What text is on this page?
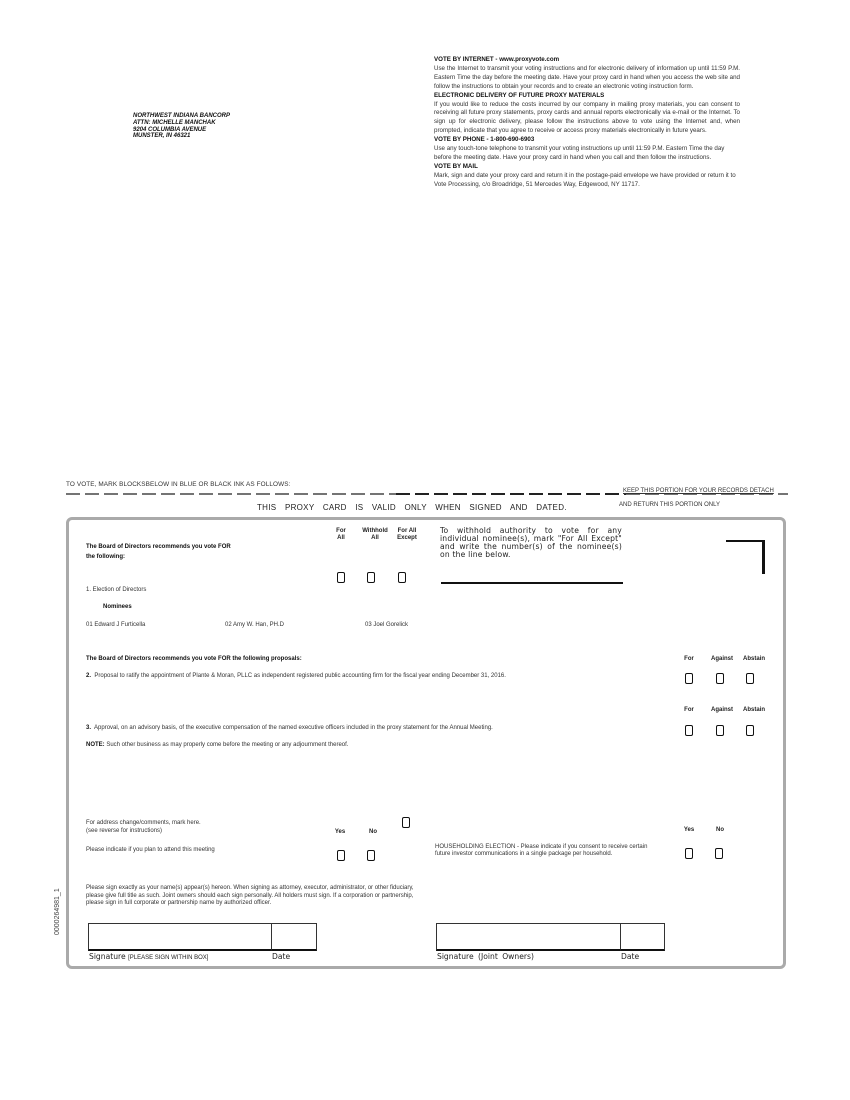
VOTE BY INTERNET - www.proxyvote.com

Use the Internet to transmit your voting instructions and for electronic delivery of information up until 11:59 P.M. Eastern Time the day before the meeting date. Have your proxy card in hand when you access the web site and follow the instructions to obtain your records and to create an electronic voting instruction form.

ELECTRONIC DELIVERY OF FUTURE PROXY MATERIALS

If you would like to reduce the costs incurred by our company in mailing proxy materials, you can consent to receiving all future proxy statements, proxy cards and annual reports electronically via e-mail or the Internet. To sign up for electronic delivery, please follow the instructions above to vote using the Internet and, when prompted, indicate that you agree to receive or access proxy materials electronically in future years.

VOTE BY PHONE - 1-800-690-6903

Use any touch-tone telephone to transmit your voting instructions up until 11:59 P.M. Eastern Time the day before the meeting date. Have your proxy card in hand when you call and then follow the instructions.

VOTE BY MAIL

Mark, sign and date your proxy card and return it in the postage-paid envelope we have provided or return it to Vote Processing, c/o Broadridge, 51 Mercedes Way, Edgewood, NY 11717.

NORTHWEST INDIANA BANCORP
ATTN: MICHELLE MANCHAK
9204 COLUMBIA AVENUE
MUNSTER, IN 46321
TO VOTE, MARK BLOCKSBELOW IN BLUE OR BLACK INK AS FOLLOWS:
KEEP THIS PORTION FOR YOUR RECORDS DETACH
AND RETURN THIS PORTION ONLY
THIS PROXY CARD IS VALID ONLY WHEN SIGNED AND DATED.
The Board of Directors recommends you vote FOR
the following:
For
All
Withhold
All
For All
Except
To withhold authority to vote for any individual nominee(s), mark "For All Except" and write the number(s) of the nominee(s) on the line below.
1. Election of Directors
Nominees
01 Edward J Furticella	02 Amy W. Han, PH.D	03 Joel Gorelick
The Board of Directors recommends you vote FOR the following proposals:	For	Against	Abstain
2. Proposal to ratify the appointment of Plante & Moran, PLLC as independent registered public accounting firm for the fiscal year ending December 31, 2016.
For	Against	Abstain
3. Approval, on an advisory basis, of the executive compensation of the named executive officers included in the proxy statement for the Annual Meeting.
NOTE: Such other business as may properly come before the meeting or any adjournment thereof.
For address change/comments, mark here.
(see reverse for instructions)	Yes	No
Please indicate if you plan to attend this meeting	HOUSEHOLDING ELECTION - Please indicate if you consent to receive certain future investor communications in a single package per household.
Yes	No
Please sign exactly as your name(s) appear(s) hereon. When signing as attorney, executor, administrator, or other fiduciary, please give full title as such. Joint owners should each sign personally. All holders must sign. If a corporation or partnership, please sign in full corporate or partnership name by authorized officer.
Signature [PLEASE SIGN WITHIN BOX]	Date	Signature (Joint Owners)	Date
0000264981_1
